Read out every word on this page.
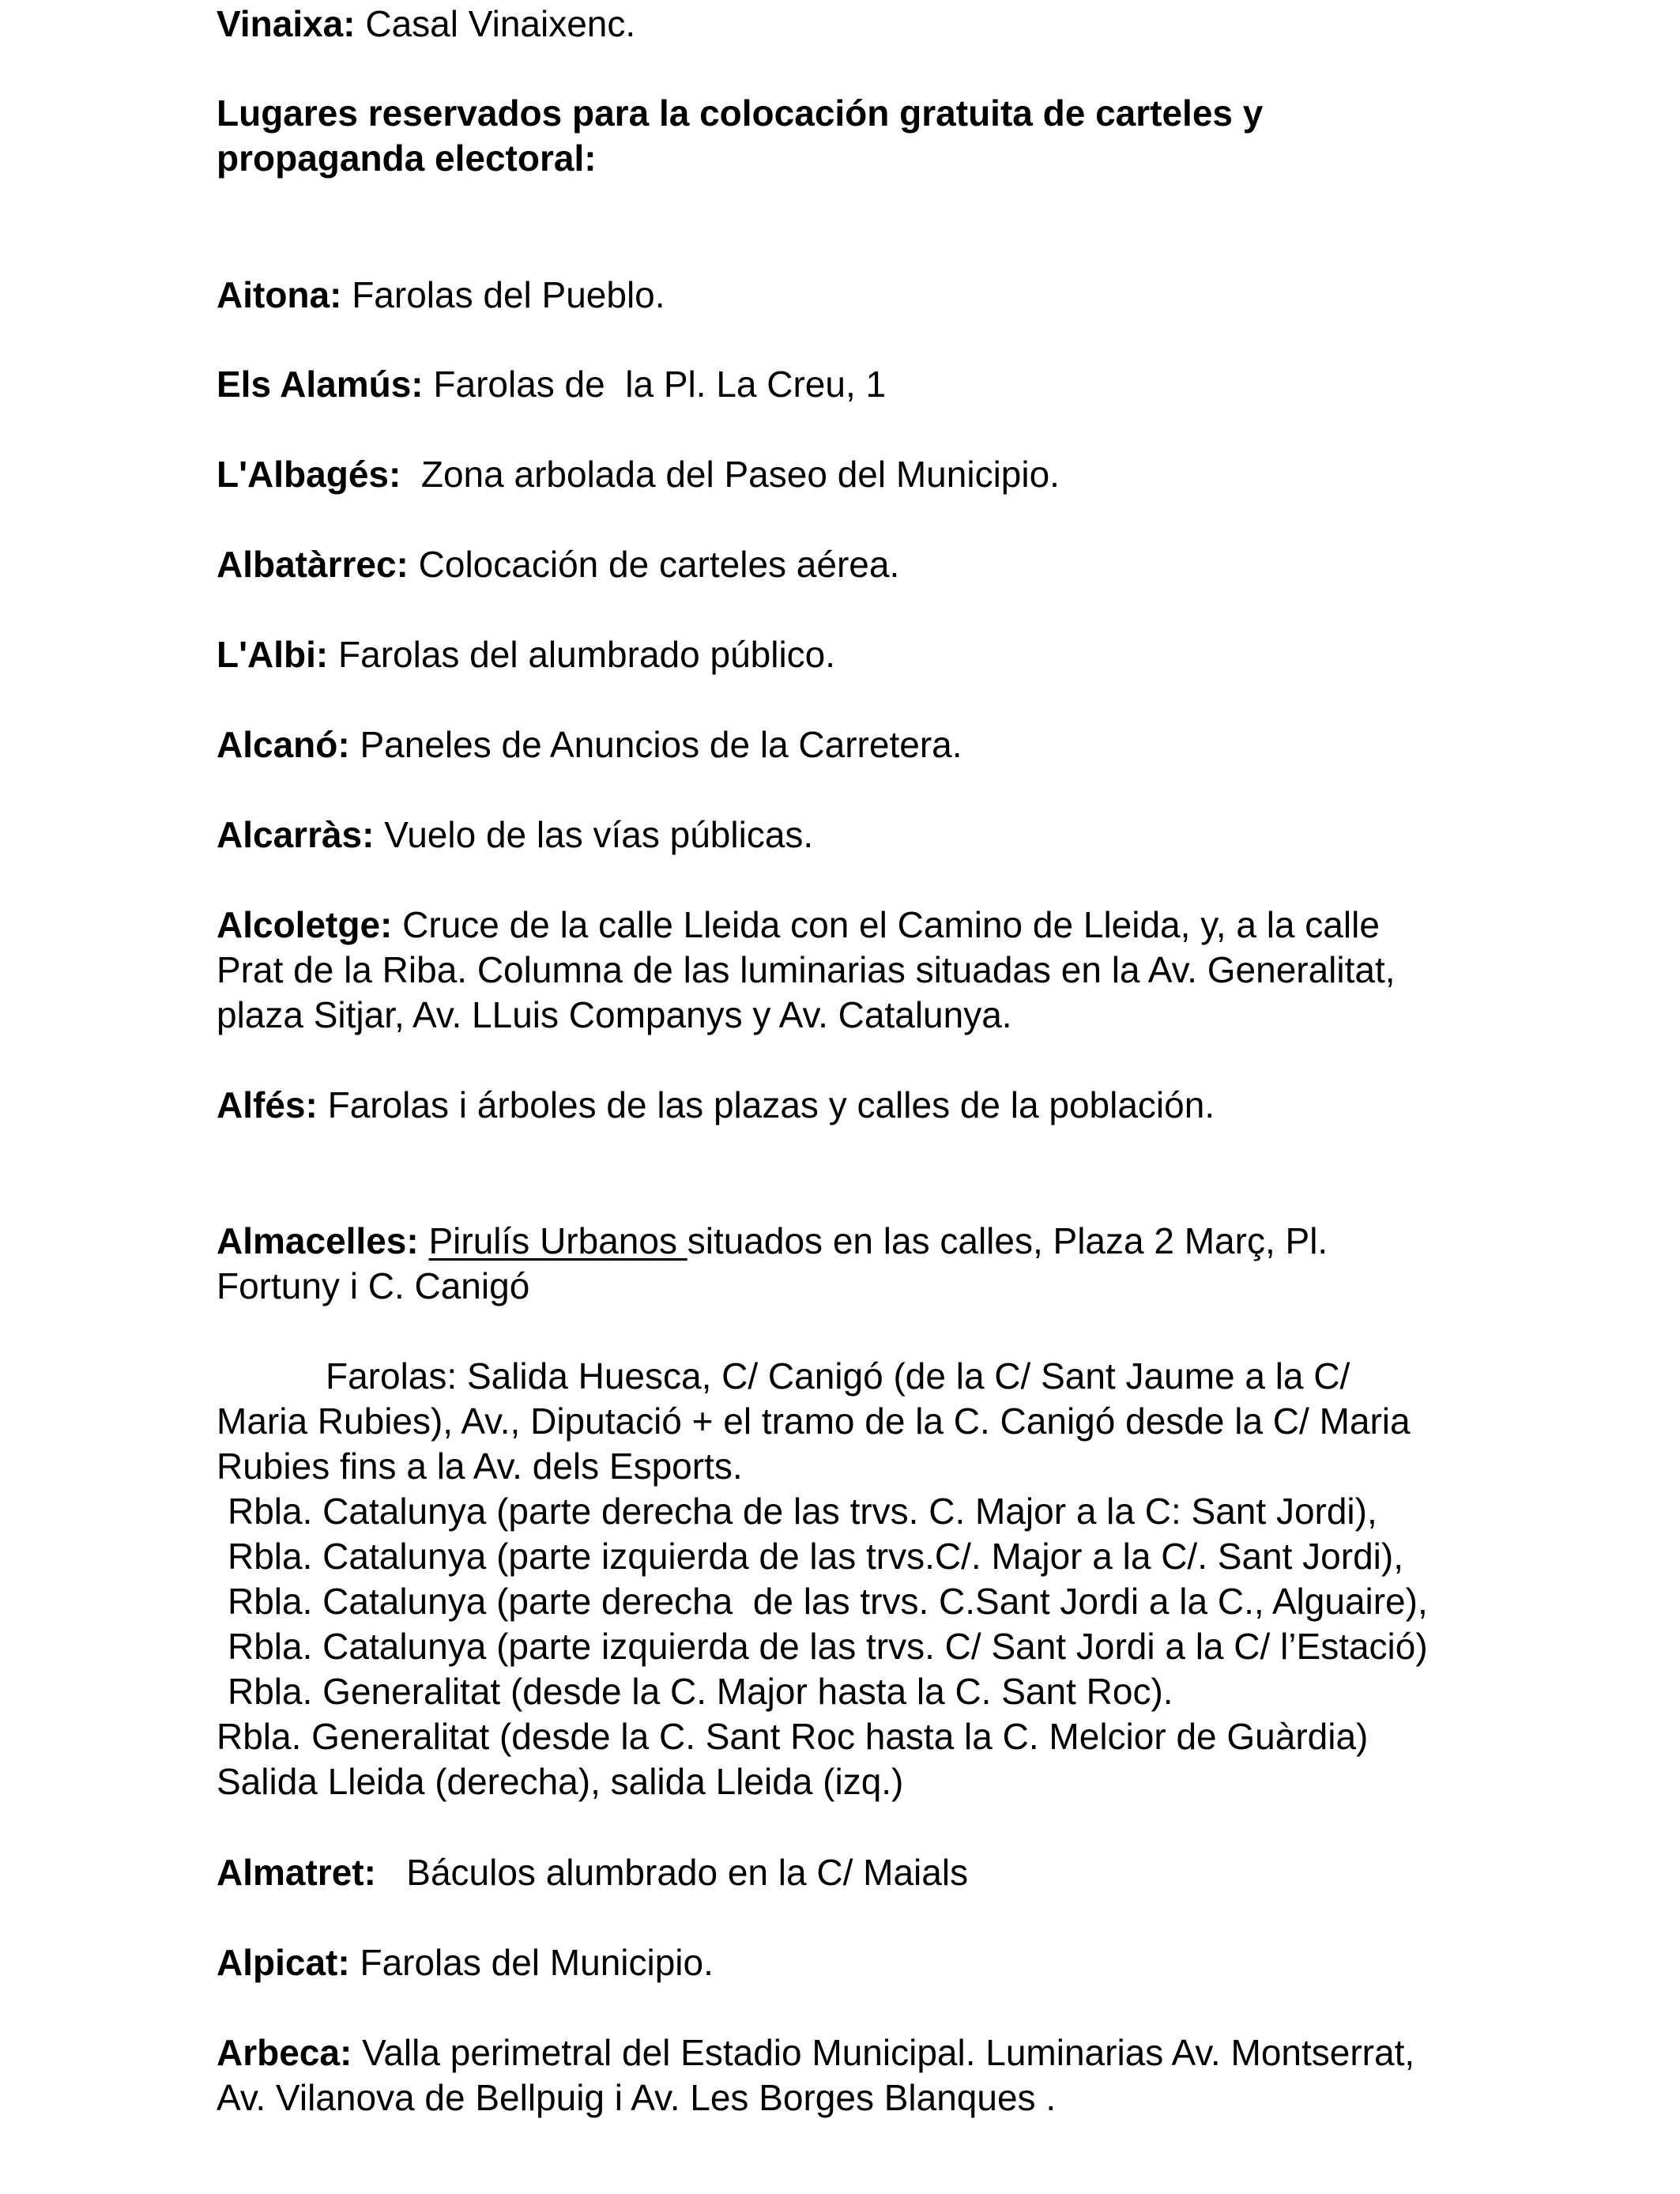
Vinaixa: Casal Vinaixenc.
Lugares reservados para la colocación gratuita de carteles y
propaganda electoral:
Aitona: Farolas del Pueblo.
Els Alamús: Farolas de  la Pl. La Creu, 1
L'Albagés:  Zona arbolada del Paseo del Municipio.
Albatàrrec: Colocación de carteles aérea.
L'Albi: Farolas del alumbrado público.
Alcanó: Paneles de Anuncios de la Carretera.
Alcarràs: Vuelo de las vías públicas.
Alcoletge: Cruce de la calle Lleida con el Camino de Lleida, y, a la calle
Prat de la Riba. Columna de las luminarias situadas en la Av. Generalitat,
plaza Sitjar, Av. LLuis Companys y Av. Catalunya.
Alfés: Farolas i árboles de las plazas y calles de la población.
Almacelles: Pirulís Urbanos situados en las calles, Plaza 2 Març, Pl.
Fortuny i C. Canigó
Farolas: Salida Huesca, C/ Canigó (de la C/ Sant Jaume a la C/
Maria Rubies), Av., Diputació + el tramo de la C. Canigó desde la C/ Maria
Rubies fins a la Av. dels Esports.
Rbla. Catalunya (parte derecha de las trvs. C. Major a la C: Sant Jordi),
Rbla. Catalunya (parte izquierda de las trvs.C/. Major a la C/. Sant Jordi),
Rbla. Catalunya (parte derecha  de las trvs. C.Sant Jordi a la C., Alguaire),
Rbla. Catalunya (parte izquierda de las trvs. C/ Sant Jordi a la C/ l’Estació)
Rbla. Generalitat (desde la C. Major hasta la C. Sant Roc).
Rbla. Generalitat (desde la C. Sant Roc hasta la C. Melcior de Guàrdia)
Salida Lleida (derecha), salida Lleida (izq.)
Almatret:   Báculos alumbrado en la C/ Maials
Alpicat: Farolas del Municipio.
Arbeca: Valla perimetral del Estadio Municipal. Luminarias Av. Montserrat,
Av. Vilanova de Bellpuig i Av. Les Borges Blanques .
